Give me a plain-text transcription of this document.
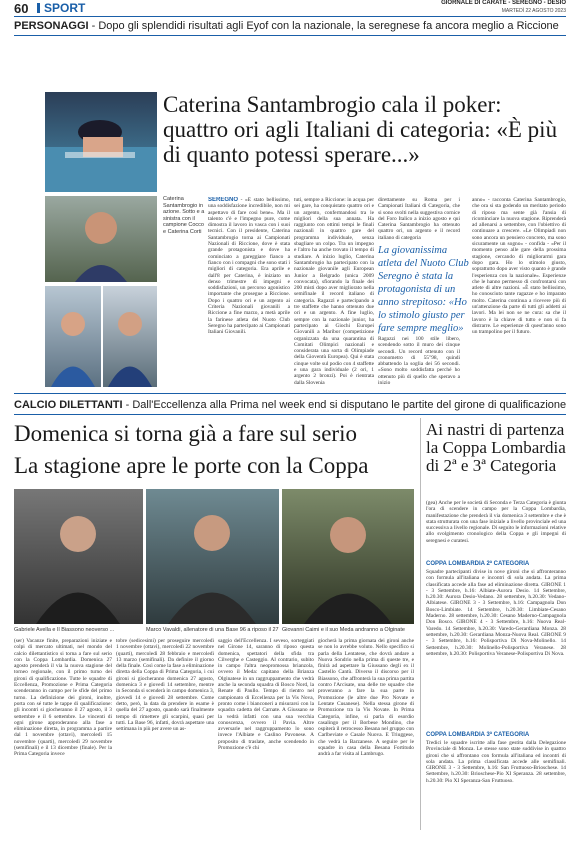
60 SPORT	GIORNALE DI CARATE - SEREGNO - DESIO
MARTEDÌ 22 AGOSTO 2023
PERSONAGGI - Dopo gli splendidi risultati agli Eyof con la nazionale, la seregnese fa ancora meglio a Riccione
Caterina Santambrogio cala il poker: quattro ori agli Italiani di categoria: «È più di quanto potessi sperare...»
Caterina Santambrogio in azione. Sotto e a sinistra con il campione Cocco e Caterina Corti
SEREGNO - «È stato bellissimo, una soddisfazione incredibile, non mi aspettavo di fare così bene». Ma il talento c'è e l'impegno pure, come dimostra il lavoro in vasca con i suoi tecnici. Con il presidente, Caterina Santambrogio torna ai Campionati Nazionali di Riccione, dove è stata grande protagonista e dove ha cominciato a gareggiare fianco a fianco con i compagni che sono stati i migliori di categoria. Era aprile e dall'8 per Caterina, è iniziato un denso trimestre di impegni e soddisfazioni, un percorso agonistico importante che prosegue a Riccione. Dopo i quattro ori e un argento ai Criteria Nazionali giovanili a Riccione a fine marzo, a metà aprile la farinese atleta del Nuoto Club Seregno ha partecipato ai Campionati Italiani Giovanili.
tuti, sempre a Riccione: in acqua per sei gare, ha conquistato quattro ori e un argento, confermandosi tra le migliori della sua annata. Ha raggiunto con ottimi tempi le finali nazionali in quattro gare del programma individuale, senza sbagliare un colpo. Tra un impegno e l'altro ha anche trovato il tempo di studiare. A inizio luglio, Caterina Santambrogio ha partecipato con la nazionale giovanile agli European Junior a Belgrado (unica 2009 convocata), sfiorando la finale dei 200 misti dopo aver migliorato nella semifinale il record italiano di categoria. Ragazzi e partecipando a tre staffette che hanno ottenuto due ori e un argento. A fine luglio, sempre con la nazionale junior, ha partecipato ai Giochi Europei Giovanili a Maribor (competizione organizzata da una quarantina di Comitati Olimpici nazionali e considerata una sorta di Olimpiade della Gioventù Europea). Qui è stata cinque volte sul podio con 4 staffette e una gara individuale (2 ori, 1 argento 2 bronzi). Poi è rientrata dalla Slovenia
direttamente su Roma per i Campionati Italiani di Categoria, che si sono svolti nella suggestiva cornice del Foro Italico a inizio agosto e qui Caterina Santambrogio ha ottenuto quattro ori, un argento e il record italiano di categoria
La giovanissima atleta del Nuoto Club Seregno è stata la protagonista di un anno strepitoso: «Ho lo stimolo giusto per fare sempre meglio»
Ragazzi nei 100 stile libero, scendendo sotto il muro dei cinque secondi. Un record ottenuto con il cronometro di 55"98, quindi abbattendo la soglia dei 56 secondi. «Sono molto soddisfatta perché ho ottenuto più di quello che speravo a inizio
anno» - racconta Caterina Santambrogio, che ora si sta godendo un meritato periodo di riposo ma sente già l'ansia di ricominciare la nuova stagione. Riprenderà ad allenarsi a settembre, con l'obiettivo di continuare a crescere. «Le Olimpiadi non sono ancora un pensiero concreto, ma sono sicuramente un sogno» - confida - «Per il momento penso alle gare della prossima stagione, cercando di migliorarmi gara dopo gara. Ho lo stimolo giusto, soprattutto dopo aver visto quanto è grande l'esperienza con la nazionale». Esperienze che le hanno permesso di confrontarsi con atlete di altre nazioni. «È stato bellissimo, ho conosciuto tante ragazze e ho imparato molto. Caterina continua a ricevere più di un'attenzione da parte di tutti gli addetti ai lavori. Ma lei non se ne cura: sa che il lavoro è la chiave di tutto e non si fa distrarre. Le esperienze di quest'anno sono un trampolino per il futuro.
CALCIO DILETTANTI - Dall'Eccellenza alla Prima nel week end si disputano le partite del girone di qualificazione
Domenica si torna già a fare sul serio
La stagione apre le porte con la Coppa
Gabriele Avella e Il Biassono neoverso ...	Marco Vavaldi, allenatore di una Base 96 a riposo il 27 Giovanni Caimi e il suo Meda andranno a Olginate
(ser) Vacanze finite, preparazioni iniziate e colpi di mercato ultimati, nel mondo del calcio dilettantistico si torna a fare sul serio con la Coppa Lombardia. Domenica 27 agosto prenderà il via la nuova stagione del torneo regionale, con il primo turno dei gironi di qualificazione. Tutte le squadre di Eccellenza, Promozione e Prima Categoria scenderanno in campo per le sfide del primo turno. La definizione dei gironi, inoltre, porta con sé tutte le tappe di qualificazione: gli incontri si giocheranno il 27 agosto, il 3 settembre e il 6 settembre. Le vincenti di ogni girone approderanno alla fase a eliminazione diretta, in programma a partire dal 1 novembre (ottavi), mercoledì 15 novembre (quarti), mercoledì 29 novembre (semifinali) e il 13 dicembre (finale). Per la Prima Categoria invece
tobre (sedicesimi) per proseguire mercoledì 1 novembre (ottavi), mercoledì 22 novembre (quarti), mercoledì 28 febbraio e mercoledì 13 marzo (semifinali). Da definire il giorno della finale. Così come la fase a eliminazione diretta della Coppa di Prima Categoria, i cui gironi si giocheranno domenica 27 agosto, domenica 3 e giovedì 14 settembre, mentre in Seconda si scenderà in campo domenica 3, giovedì 14 e giovedì 28 settembre. Come detto, però, la data da prendere in esame è quella del 27 agosto, quando sarà finalmente tempo di rimettere gli scarpini, quasi per tutti. La Base 96, infatti, dovrà aspettare una settimana in più per avere un as-
saggio dell'Eccellenza. I seveso, sorteggiati nel Girone 14, saranno di riposo questa domenica, spettatori della sfida tra Cilverghe e Casteggio. Al contrario, subito in campo l'altra neopromossa brianzola, ovvero il Meda: capitano della Brianza Olginatese in un raggruppamento che vedrà anche la seconda squadra di Bosco Nord, la Renate di Paullo. Tempo di rientro nel campionato di Eccellenza per la Vis Nova, pronto come i bianconeri a misurarsi con la squadra cadetta del Carnate. A Giussano se la vedrà infatti con una sua vecchia conoscenza, ovvero il Pavia. Altre avversarie nel raggruppamento lo sono invece l'Albiate e Caslino Pavonese. A proposito di traslate, anche scendendo in Promozione c'è chi
giocherà la prima giornata dei gironi anche se non lo avrebbe voluto. Nello specifico si parla della Lentatese, che dovrà andare a Nuova Sondrio nella prima di queste tre, e finirà ad aspettare la Giussano degli ex il Castello Cantù. Diverso il discorso per il Biassono, che affronterà la sua prima partita contro l'Arcisate, una delle tre squadre che proveranno a fare la sua parte in Promozione (le altre due Pro Novate e Lentate Cusanese). Nella stessa girone di Promozione tra la Vis Novate. In Prima Categoria, infine, si parla di esordio casalingo per il Borbese Mondino, che ospiterà il retrocesso Besana nel gruppo con Carlbeviate e Casale Nuova. E Triuggese, che vedrà la Barzanese. A seguire per le squadre in casa della Besana Fortitudo andrà a far visita al Lambrugo.
Ai nastri di partenza la Coppa Lombardia di 2ª e 3ª Categoria
(gea) Anche per le società di Seconda e Terza Categoria è giunta l'ora di scendere in campo per la Coppa Lombardia, manifestazione che prenderà il via domenica 3 settembre e che è stata strutturata con una fase iniziale a livello provinciale ed una successiva a livello regionale. Di seguito le informazioni relative allo svolgimento cronologico della Coppa e gli impegni di seregnesi e curatesi.
COPPA LOMBARDIA 2ª CATEGORIA
Squadre partecipanti divise in nove gironi che si affronteranno con formula all'italiana e incontri di sola andata. La prima classificata accede alla fase ad eliminazione diretta. GIRONE 1 - 3 Settembre, h.16: Albiate-Aurora Desio. 14 Settembre, h.20.30: Aurora Desio-Vedano. 28 settembre, h.20.30: Vedano-Albiatese. GIRONE 3 - 3 Settembre, h.16: Campagnola Don Bosco-Limbiate. 14 Settembre, h.20.30: Limbiate-Cesano Maderno. 28 settembre, h.20.30: Cesano Maderno-Campagnola Don Bosco. GIRONE 4 - 3 Settembre, h.16: Nuova Real-Varedo. 14 Settembre, h.20.30: Varedo-Gerardiana Monza. 28 settembre, h.20.30: Gerardiana Monza-Nuova Real. GIRONE 9 - 3 Settembre, h.16: Polisportiva Di Nova-Molinello. 14 Settembre, h.20.30: Molinello-Polisportiva Veranese. 28 settembre, h.20.30: Polisportiva Veranese-Polisportiva Di Nova.
COPPA LOMBARDIA 3ª CATEGORIA
Tredici le squadre iscritte alla fase gestita dalla Delegazione Provinciale di Monza. Le stesse sono state suddivise in quattro gironi che si affrontano con formula all'italiana ed incontri di sola andata. La prima classificata accede alle semifinali. GIRONE 3 - 3 Settembre, h.16: San Fruttuoso-Brioschese. 14 Settembre, h.20.30: Brioschese-Pio XI Speranza. 28 settembre, h.20.30: Pio XI Speranza-San Fruttuoso.
